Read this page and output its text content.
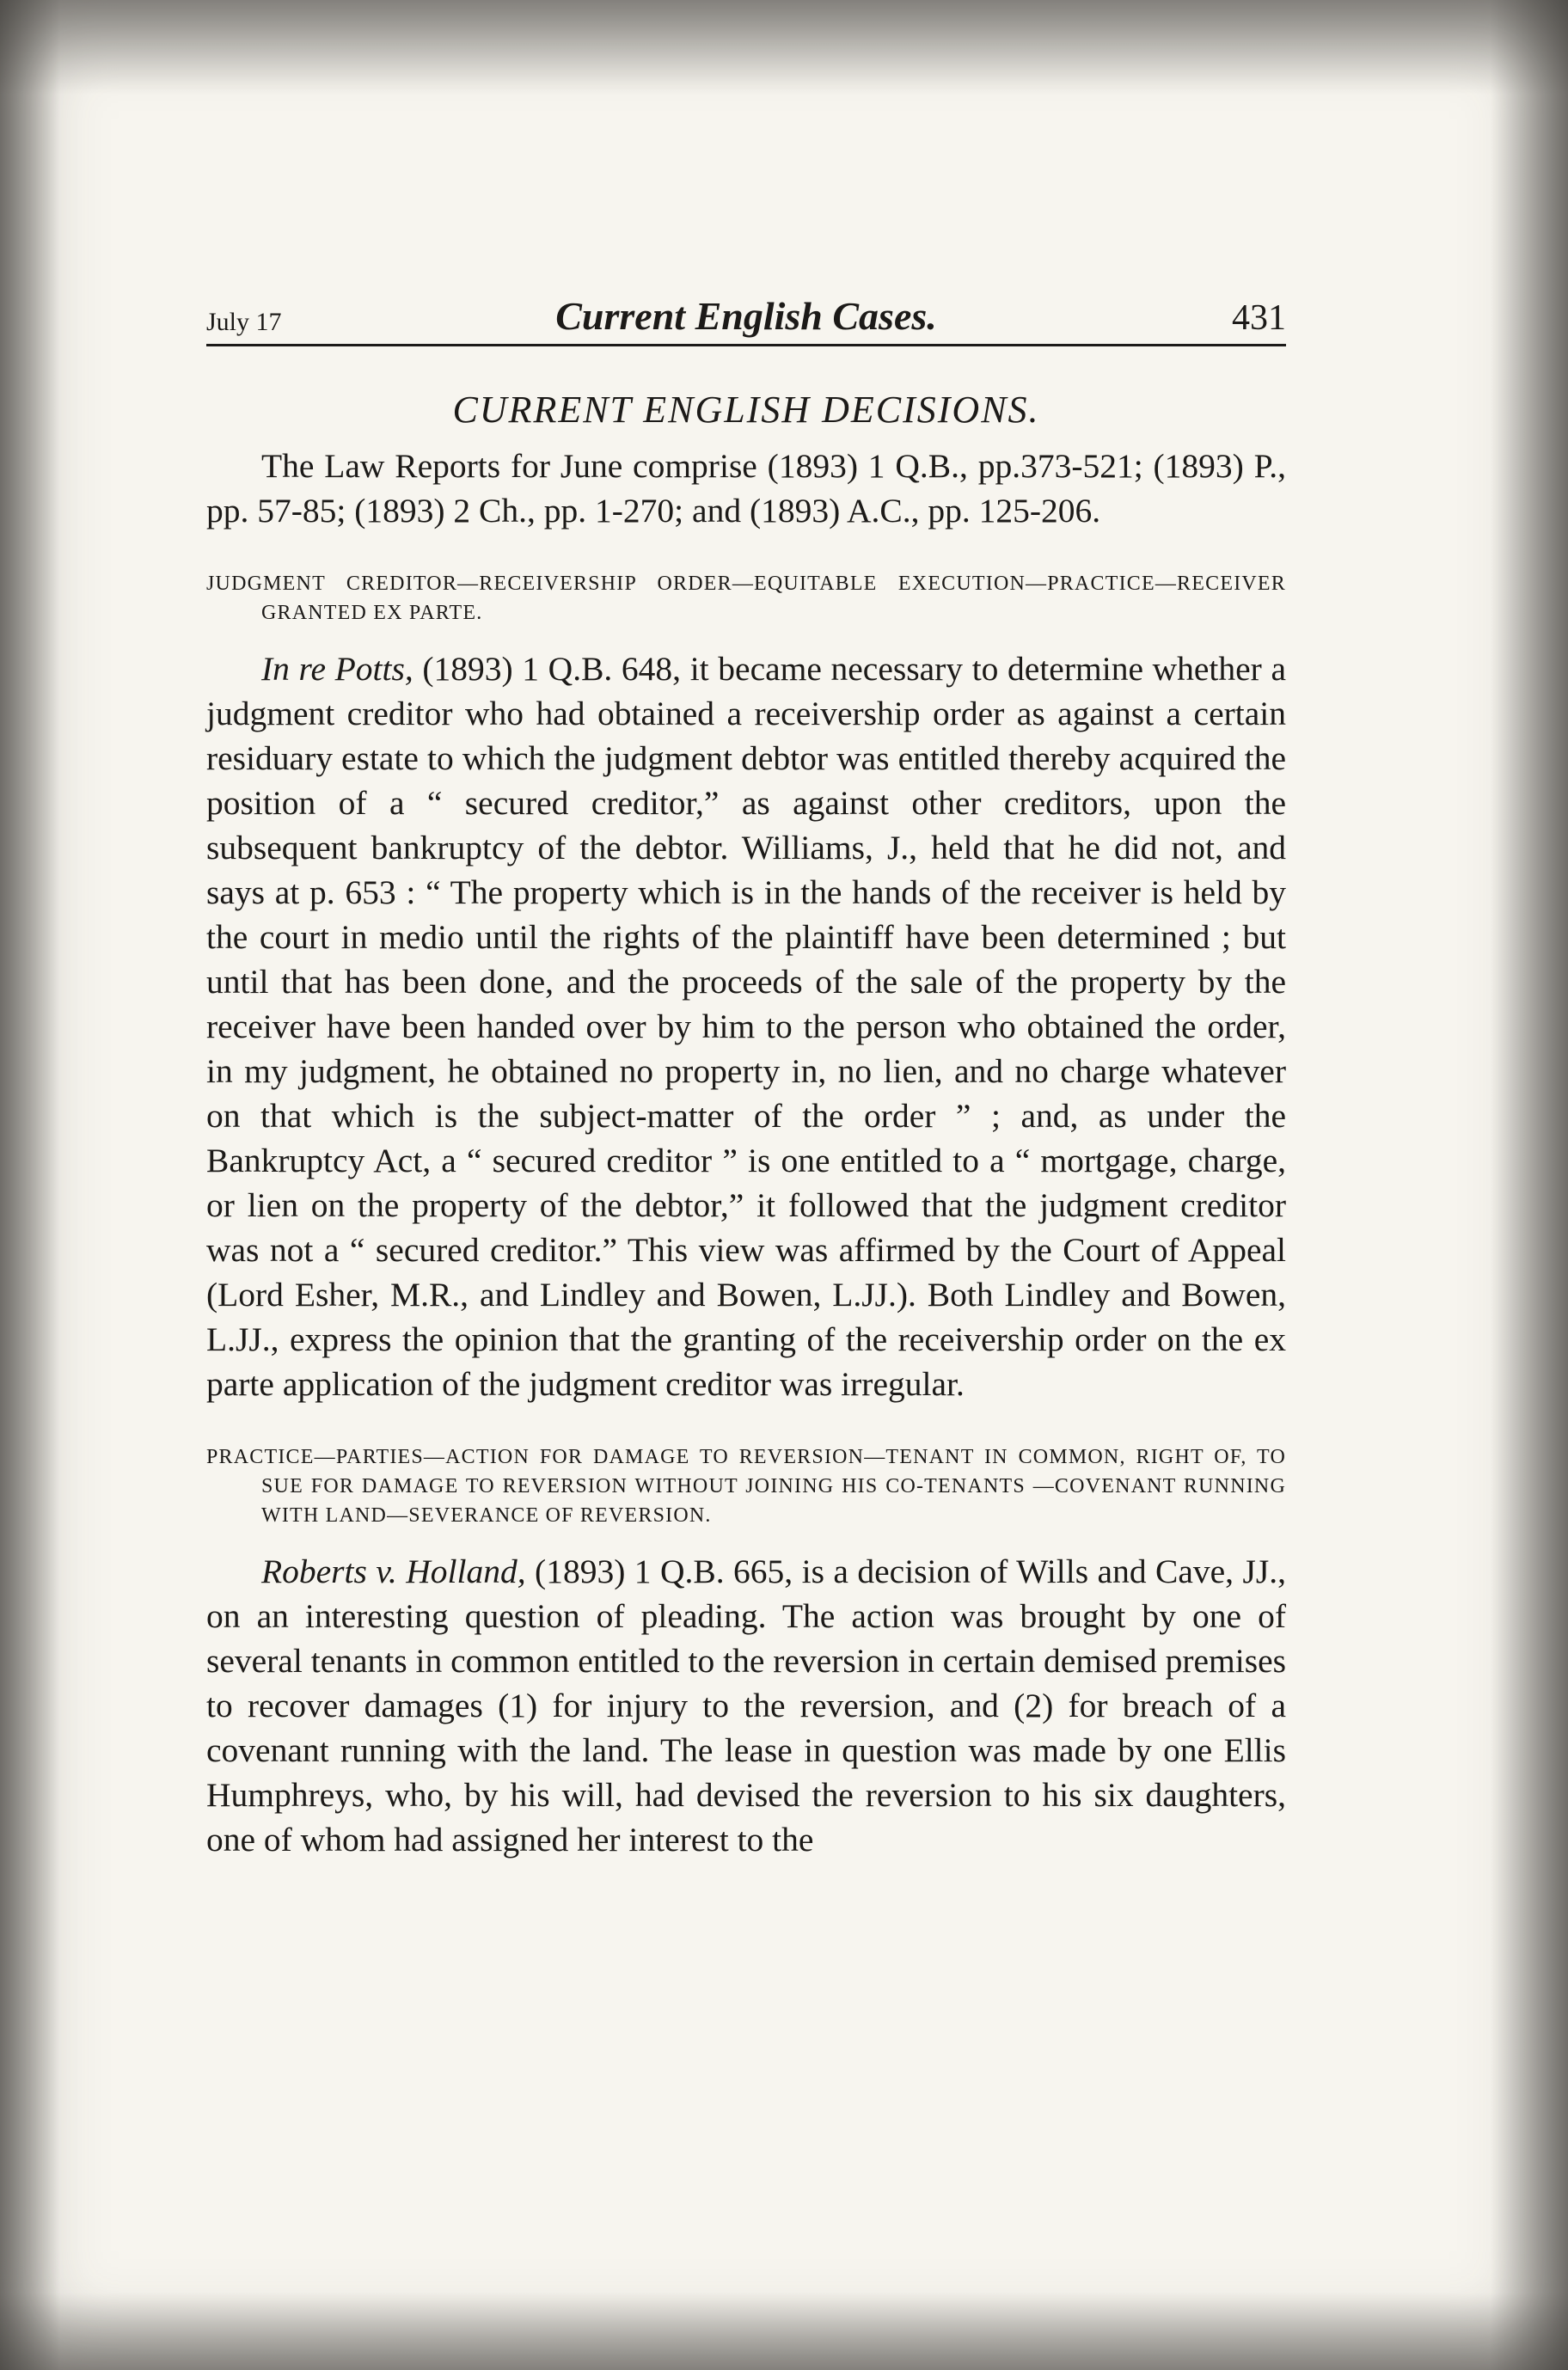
July 17	Current English Cases.	431
CURRENT ENGLISH DECISIONS.

The Law Reports for June comprise (1893) 1 Q.B., pp.373-521; (1893) P., pp. 57-85; (1893) 2 Ch., pp. 1-270; and (1893) A.C., pp. 125-206.

JUDGMENT CREDITOR—RECEIVERSHIP ORDER—EQUITABLE EXECUTION—PRACTICE—RECEIVER GRANTED EX PARTE.

In re Potts, (1893) 1 Q.B. 648, it became necessary to determine whether a judgment creditor who had obtained a receivership order as against a certain residuary estate to which the judgment debtor was entitled thereby acquired the position of a “ secured creditor,” as against other creditors, upon the subsequent bankruptcy of the debtor. Williams, J., held that he did not, and says at p. 653 : “ The property which is in the hands of the receiver is held by the court in medio until the rights of the plaintiff have been determined ; but until that has been done, and the proceeds of the sale of the property by the receiver have been handed over by him to the person who obtained the order, in my judgment, he obtained no property in, no lien, and no charge whatever on that which is the subject-matter of the order ” ; and, as under the Bankruptcy Act, a “ secured creditor ” is one entitled to a “ mortgage, charge, or lien on the property of the debtor,” it followed that the judgment creditor was not a “ secured creditor.” This view was affirmed by the Court of Appeal (Lord Esher, M.R., and Lindley and Bowen, L.JJ.). Both Lindley and Bowen, L.JJ., express the opinion that the granting of the receivership order on the ex parte application of the judgment creditor was irregular.

PRACTICE—PARTIES—ACTION FOR DAMAGE TO REVERSION—TENANT IN COMMON, RIGHT OF, TO SUE FOR DAMAGE TO REVERSION WITHOUT JOINING HIS CO-TENANTS —COVENANT RUNNING WITH LAND—SEVERANCE OF REVERSION.

Roberts v. Holland, (1893) 1 Q.B. 665, is a decision of Wills and Cave, JJ., on an interesting question of pleading. The action was brought by one of several tenants in common entitled to the reversion in certain demised premises to recover damages (1) for injury to the reversion, and (2) for breach of a covenant running with the land. The lease in question was made by one Ellis Humphreys, who, by his will, had devised the reversion to his six daughters, one of whom had assigned her interest to the
